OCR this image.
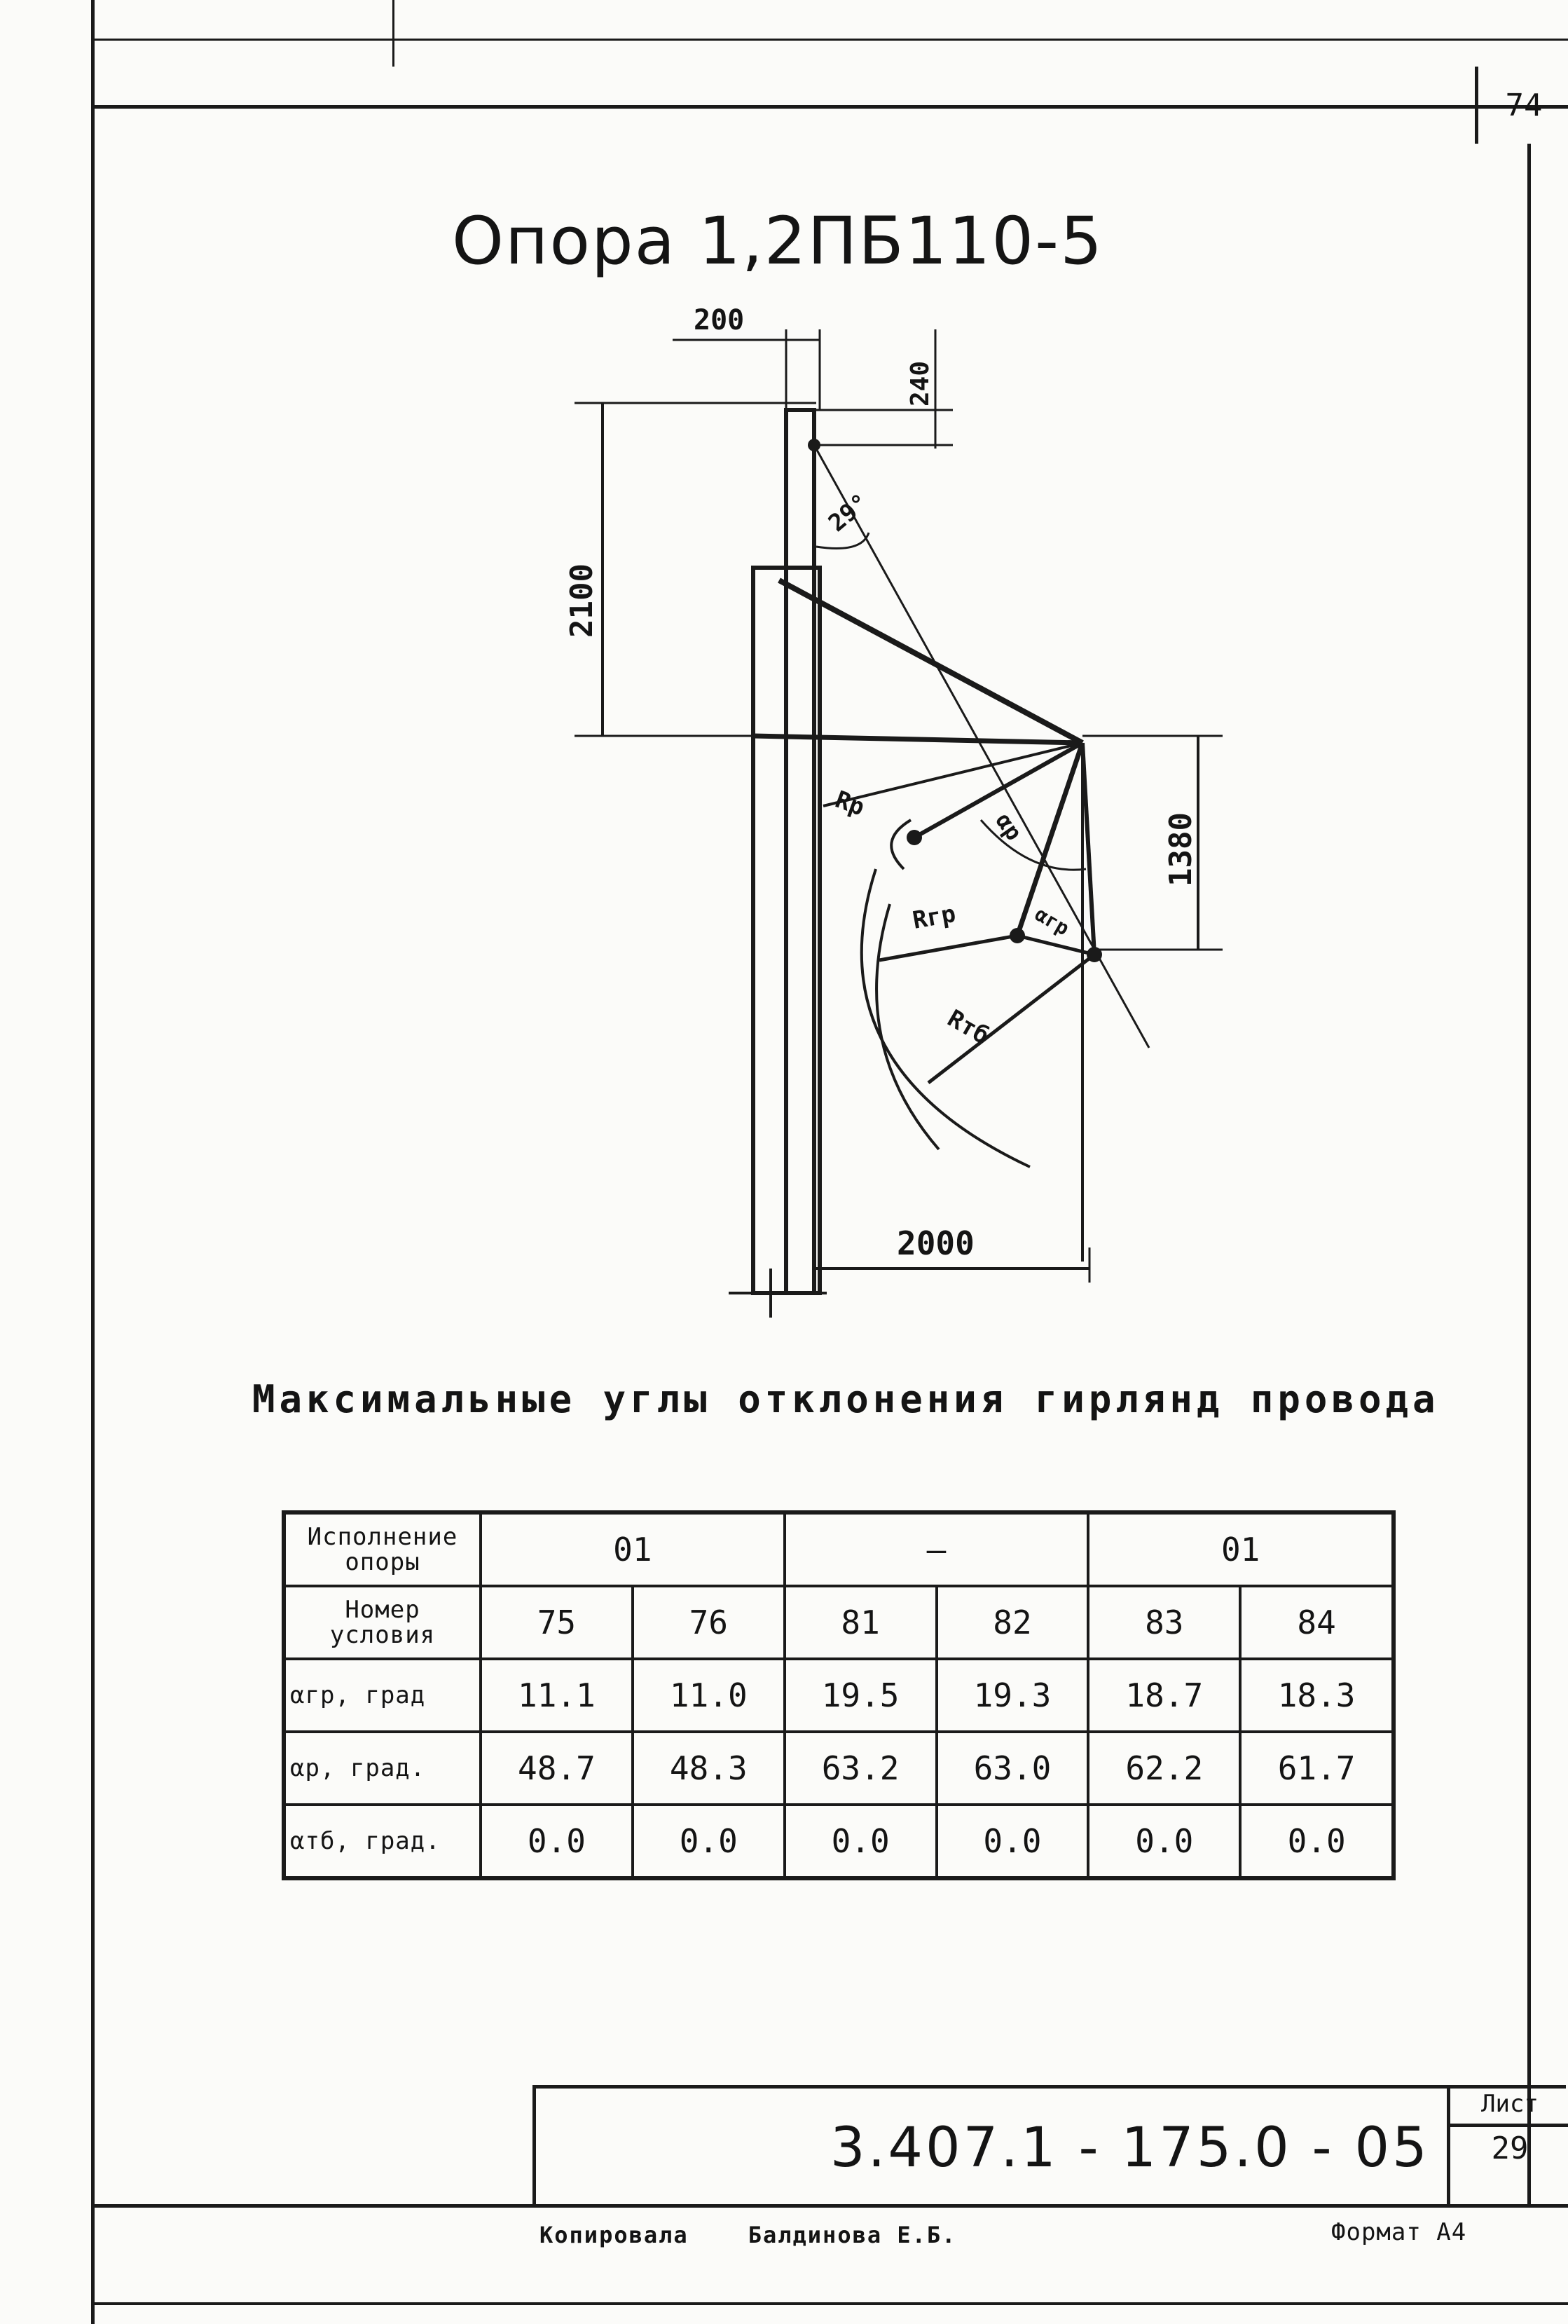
74
Опора 1,2ПБ110-5
200
240
2100
1380
2000
29°
Rр
αр
Rгр	αгр
Rтб
Максимальные углы отклонения гирлянд провода
Исполнение опоры	01		—		01	
Номер условия	75	76	81	82	83	84
αгр, град	11.1	11.0	19.5	19.3	18.7	18.3
αр, град.	48.7	48.3	63.2	63.0	62.2	61.7
αтб, град.	0.0	0.0	0.0	0.0	0.0	0.0
3.407.1 - 175.0 - 05
Лист
29
Копировала	Балдинова Е.Б.	Формат А4
